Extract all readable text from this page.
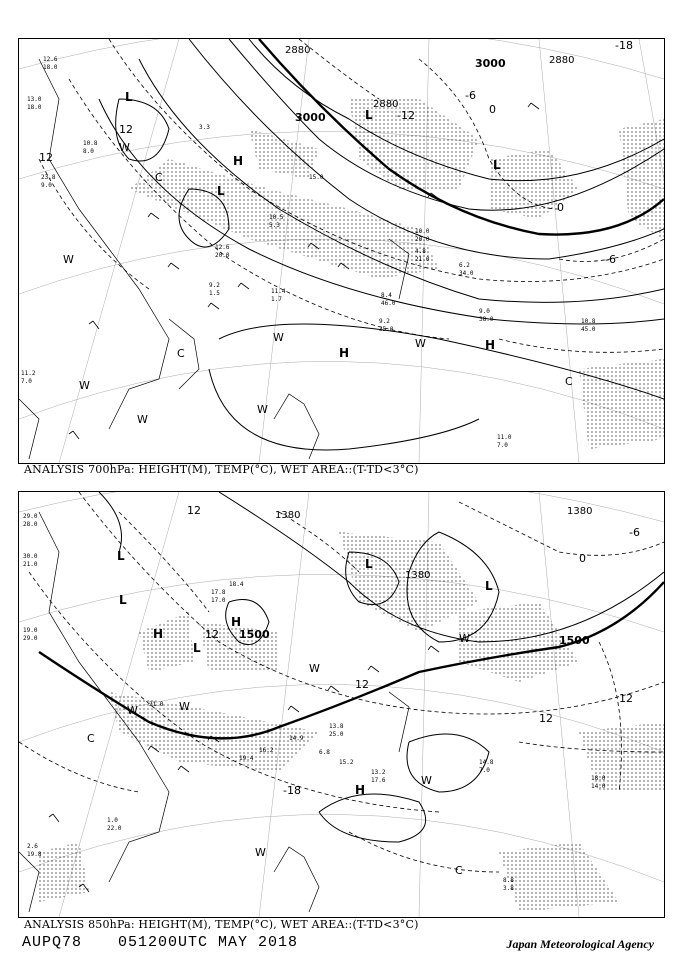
2880
3000
3000
2880
2880
-18
12
12
0
-6
-12
-6
0
L
L
L
L
H
H
H
W
W
W
W	W
W
W
C
C
C
12.6
18.0
13.0
18.0
10.8
8.0
23.8
9.0
3.3
15.0
10.5
5.3
12.6
20.0
9.2
1.5	11.4
1.7
11.2
7.0
9.2
35.0
9.0
38.0	10.8
45.0
11.0
7.0
10.0
20.0
8.4
46.0
4.8
21.0
6.2
34.0
ANALYSIS 700hPa: HEIGHT(M), TEMP(°C), WET AREA::(T-TD<3°C)
1380
1380
1380
1500	1500
12
12
12
-6
0
-18
12
12
L
L
L
L
L
H
H
H
W	W
W
W
C
C
W
W
29.0
28.0
30.0
21.0
19.0
29.0
18.4
17.8
17.0
21.0
16.2
14.9
13.8
25.0
19.4
6.8
15.2
13.2
17.6	18.0
14.0
2.6
19.8
1.0
22.0
8.8
3.8
14.8
7.0
ANALYSIS 850hPa: HEIGHT(M), TEMP(°C), WET AREA::(T-TD<3°C)
AUPQ78 051200UTC MAY 2018	Japan Meteorological Agency
